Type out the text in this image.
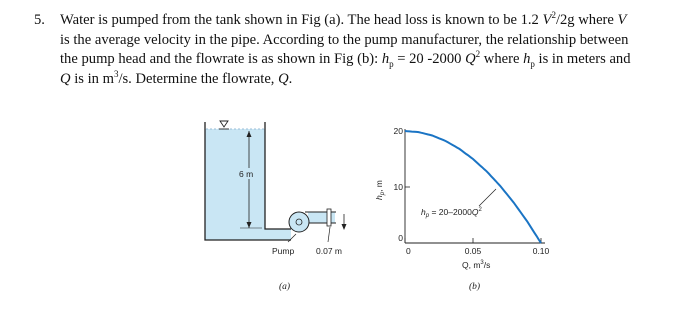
5. Water is pumped from the tank shown in Fig (a). The head loss is known to be 1.2 $V^2/2g$ where V

is the average velocity in the pipe. According to the pump manufacturer, the relationship between

the pump head and the flowrate is as shown in Fig (b): $h_p = 20$ -2000 $Q^2$ where $h_p$ is in meters and

Q is in $m^3/s$. Determine the flowrate, Q.

6 m
Pump	0.07 m
(a)
0
10
20
0	0.05	0.10
$h_p$, m
$h_p = 20-2000Q^2$
Q, $m^3/s$
(b)
